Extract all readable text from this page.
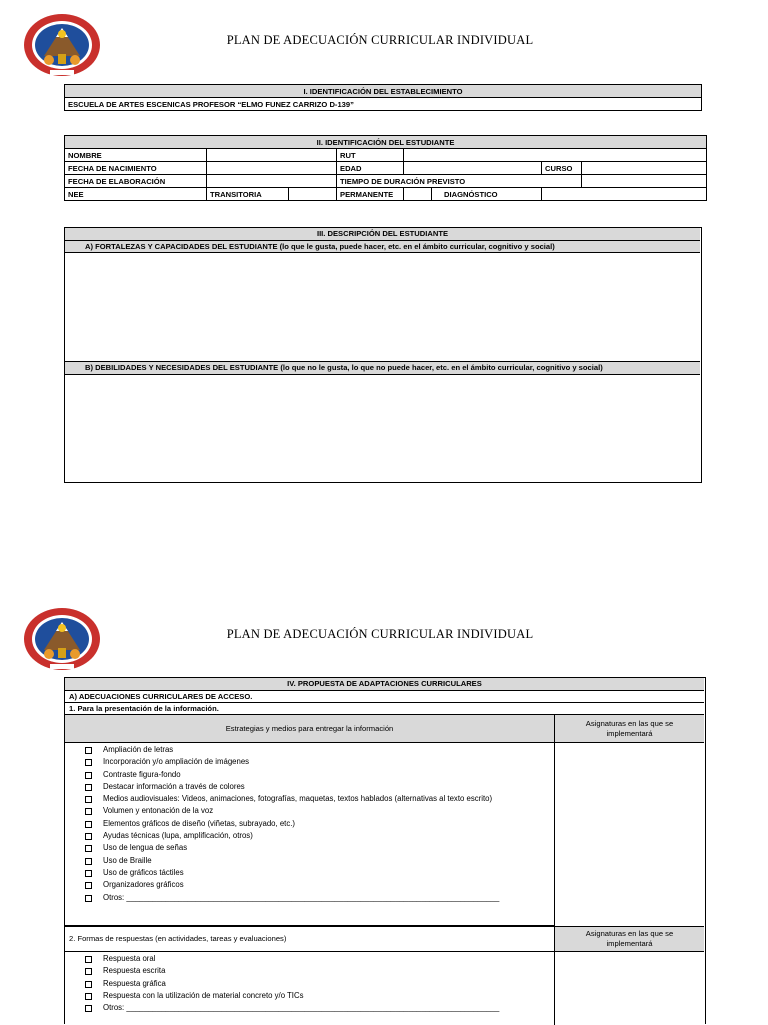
PLAN DE ADECUACIÓN CURRICULAR INDIVIDUAL
I. IDENTIFICACIÓN DEL ESTABLECIMIENTO
ESCUELA DE ARTES ESCENICAS PROFESOR “ELMO FUNEZ CARRIZO D-139”
II. IDENTIFICACIÓN DEL ESTUDIANTE							
NOMBRE			RUT				
FECHA DE NACIMIENTO			EDAD			CURSO	
FECHA DE ELABORACIÓN			TIEMPO DE DURACIÓN PREVISTO				
NEE	TRANSITORIA		PERMANENTE		DIAGNÓSTICO		
III. DESCRIPCIÓN DEL ESTUDIANTE
A) FORTALEZAS Y CAPACIDADES DEL ESTUDIANTE (lo que le gusta, puede hacer, etc. en el ámbito curricular, cognitivo y social)
B) DEBILIDADES Y NECESIDADES DEL ESTUDIANTE (lo que no le gusta, lo que no puede hacer, etc. en el ámbito curricular, cognitivo y social)
PLAN DE ADECUACIÓN CURRICULAR INDIVIDUAL
IV. PROPUESTA DE ADAPTACIONES CURRICULARES
A) ADECUACIONES CURRICULARES DE ACCESO.
1. Para la presentación de la información.
Estrategias y medios para entregar la información
Asignaturas en las que se implementará
Ampliación de letras
Incorporación y/o ampliación de imágenes
Contraste figura-fondo
Destacar información a través de colores
Medios audiovisuales: Videos, animaciones, fotografías, maquetas, textos hablados (alternativas al texto escrito)
Volumen y entonación de la voz
Elementos gráficos de diseño (viñetas, subrayado, etc.)
Ayudas técnicas (lupa, amplificación, otros)
Uso de lengua de señas
Uso de Braille
Uso de gráficos táctiles
Organizadores gráficos
Otros: ______________________________________________________________________________________
2. Formas de respuestas (en actividades, tareas y evaluaciones)
Asignaturas en las que se implementará
Respuesta oral
Respuesta escrita
Respuesta gráfica
Respuesta con la utilización de material concreto y/o TICs
Otros: ______________________________________________________________________________________
